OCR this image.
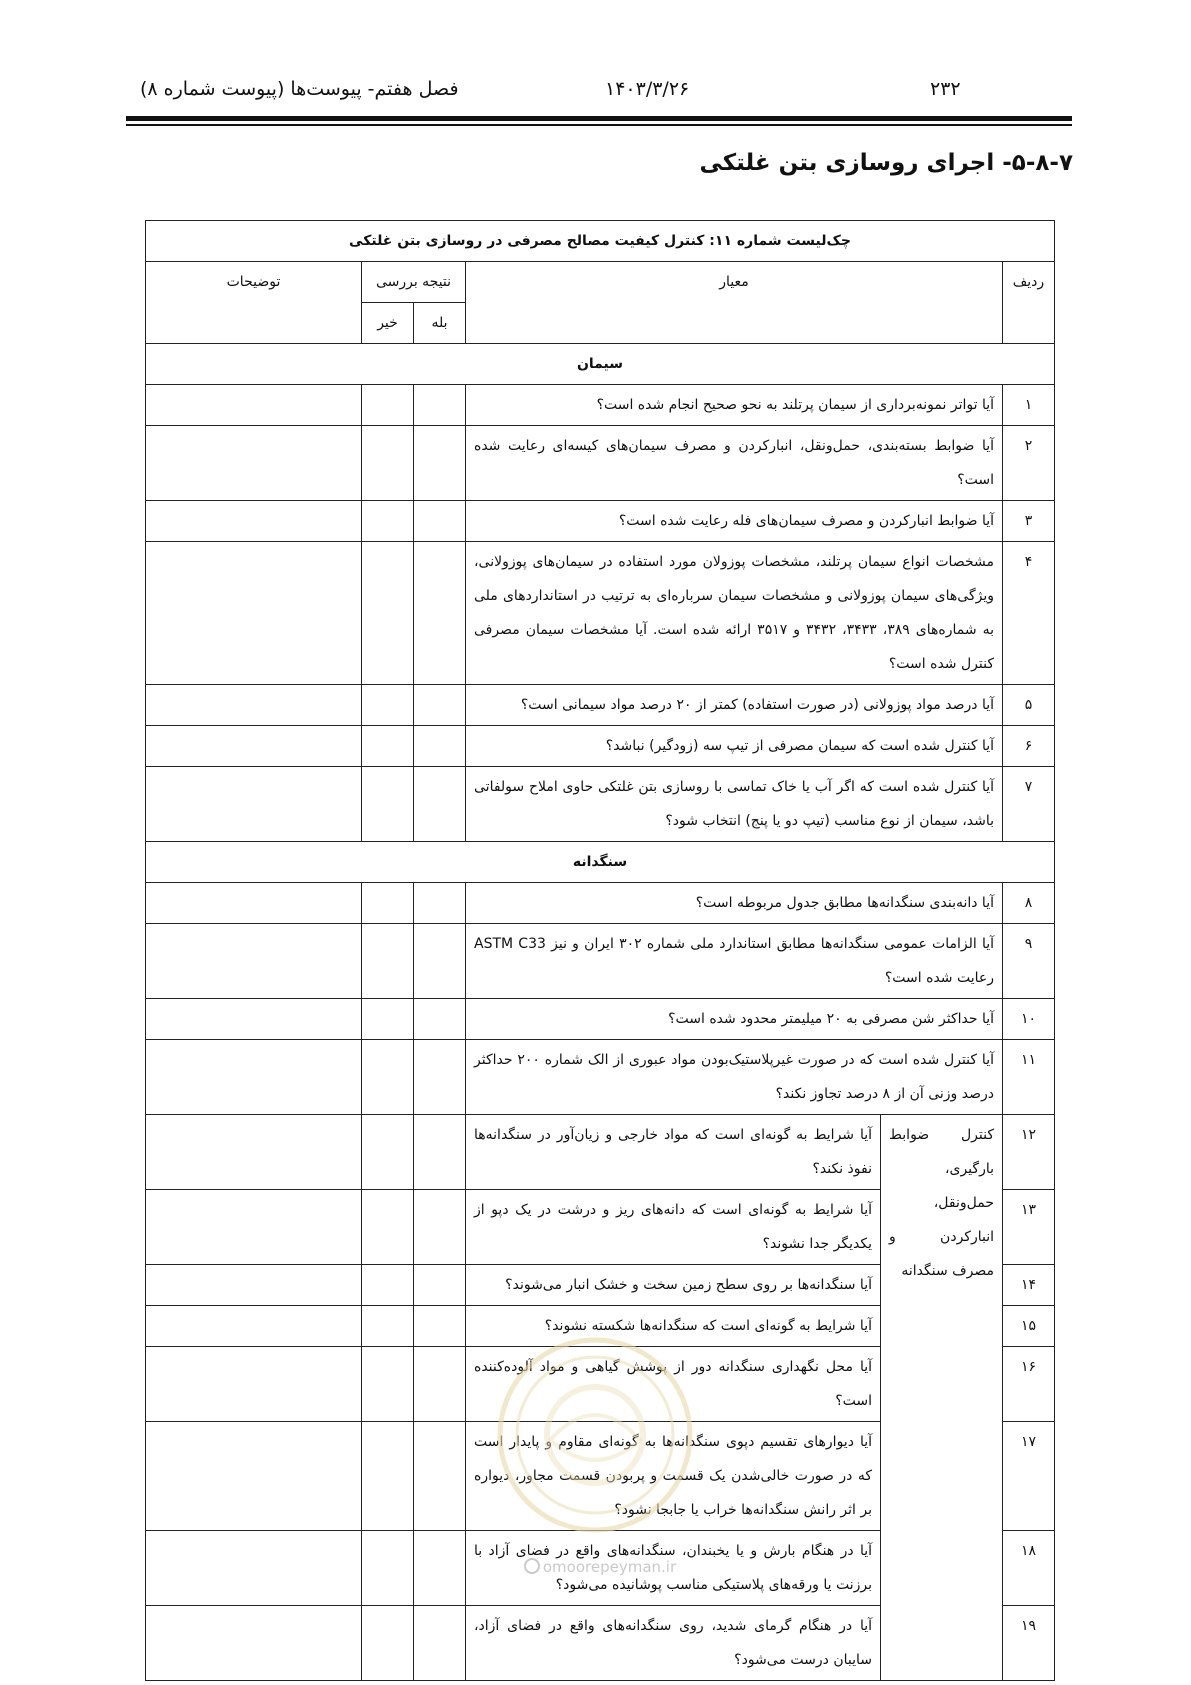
۲۳۲
۱۴۰۳/۳/۲۶
فصل هفتم- پیوست‌ها (پیوست شماره ۸)
۵-۸-۷- اجرای روسازی بتن غلتکی
چک‌لیست شماره ۱۱: کنترل کیفیت مصالح مصرفی در روسازی بتن غلتکی					
ردیف	معیار		نتیجه بررسی		توضیحات
			بله	خیر	
سیمان					
۱	آیا تواتر نمونه‌برداری از سیمان پرتلند به نحو صحیح انجام شده است؟				
۲	آیا ضوابط بسته‌بندی، حمل‌ونقل، انبارکردن و مصرف سیمان‌های کیسه‌ای رعایت شده است؟				
۳	آیا ضوابط انبارکردن و مصرف سیمان‌های فله رعایت شده است؟				
۴	مشخصات انواع سیمان پرتلند، مشخصات پوزولان مورد استفاده در سیمان‌های پوزولانی، ویژگی‌های سیمان پوزولانی و مشخصات سیمان سرباره‌ای به ترتیب در استانداردهای ملی به شماره‌های ۳۸۹، ۳۴۳۳، ۳۴۳۲ و ۳۵۱۷ ارائه شده است. آیا مشخصات سیمان مصرفی کنترل شده است؟				
۵	آیا درصد مواد پوزولانی (در صورت استفاده) کمتر از ۲۰ درصد مواد سیمانی است؟				
۶	آیا کنترل شده است که سیمان مصرفی از تیپ سه (زودگیر) نباشد؟				
۷	آیا کنترل شده است که اگر آب یا خاک تماسی با روسازی بتن غلتکی حاوی املاح سولفاتی باشد، سیمان از نوع مناسب (تیپ دو یا پنج) انتخاب شود؟				
سنگدانه					
۸	آیا دانه‌بندی سنگدانه‌ها مطابق جدول مربوطه است؟				
۹	آیا الزامات عمومی سنگدانه‌ها مطابق استاندارد ملی شماره ۳۰۲ ایران و نیز ASTM C33 رعایت شده است؟				
۱۰	آیا حداکثر شن مصرفی به ۲۰ میلیمتر محدود شده است؟				
۱۱	آیا کنترل شده است که در صورت غیرپلاستیک‌بودن مواد عبوری از الک شماره ۲۰۰ حداکثر درصد وزنی آن از ۸ درصد تجاوز نکند؟				
۱۲	کنترل ضوابط بارگیری، حمل‌ونقل، انبارکردن و مصرف سنگدانه	آیا شرایط به گونه‌ای است که مواد خارجی و زیان‌آور در سنگدانه‌ها نفوذ نکند؟			
۱۳		آیا شرایط به گونه‌ای است که دانه‌های ریز و درشت در یک دپو از یکدیگر جدا نشوند؟			
۱۴		آیا سنگدانه‌ها بر روی سطح زمین سخت و خشک انبار می‌شوند؟			
۱۵		آیا شرایط به گونه‌ای است که سنگدانه‌ها شکسته نشوند؟			
۱۶		آیا محل نگهداری سنگدانه دور از پوشش گیاهی و مواد آلوده‌کننده است؟			
۱۷		آیا دیوارهای تقسیم دپوی سنگدانه‌ها به گونه‌ای مقاوم و پایدار است که در صورت خالی‌شدن یک قسمت و پربودن قسمت مجاور، دیواره بر اثر رانش سنگدانه‌ها خراب یا جابجا نشود؟			
۱۸		آیا در هنگام بارش و یا یخبندان، سنگدانه‌های واقع در فضای آزاد با برزنت یا ورقه‌های پلاستیکی مناسب پوشانیده می‌شود؟			
۱۹		آیا در هنگام گرمای شدید، روی سنگدانه‌های واقع در فضای آزاد، سایبان درست می‌شود؟			
omoorepeyman.ir
